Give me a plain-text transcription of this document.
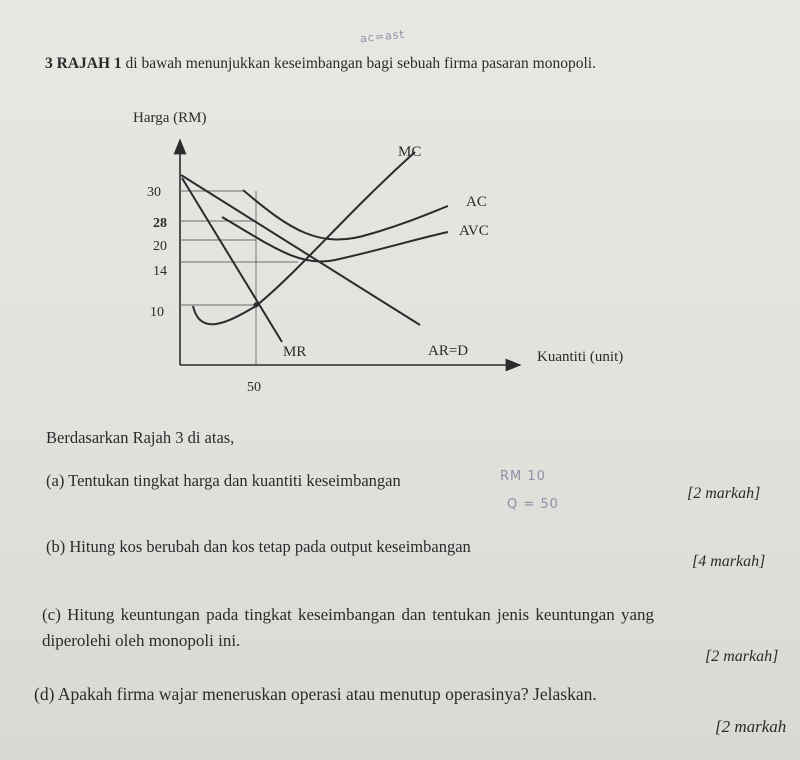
ac=ast
3 RAJAH 1 di bawah menunjukkan keseimbangan bagi sebuah firma pasaran monopoli.
Harga (RM)
Kuantiti (unit)
30
28
20
14
10
50
MC
AC
AVC
MR	AR=D
Berdasarkan Rajah 3 di atas,
(a) Tentukan tingkat harga dan kuantiti keseimbangan	RM 10
Q = 50
[2 markah]
(b) Hitung kos berubah dan kos tetap pada output keseimbangan
[4 markah]
(c) Hitung keuntungan pada tingkat keseimbangan dan tentukan jenis keuntungan yang
diperolehi oleh monopoli ini.
[2 markah]
(d) Apakah firma wajar meneruskan operasi atau menutup operasinya? Jelaskan.
[2 markah
